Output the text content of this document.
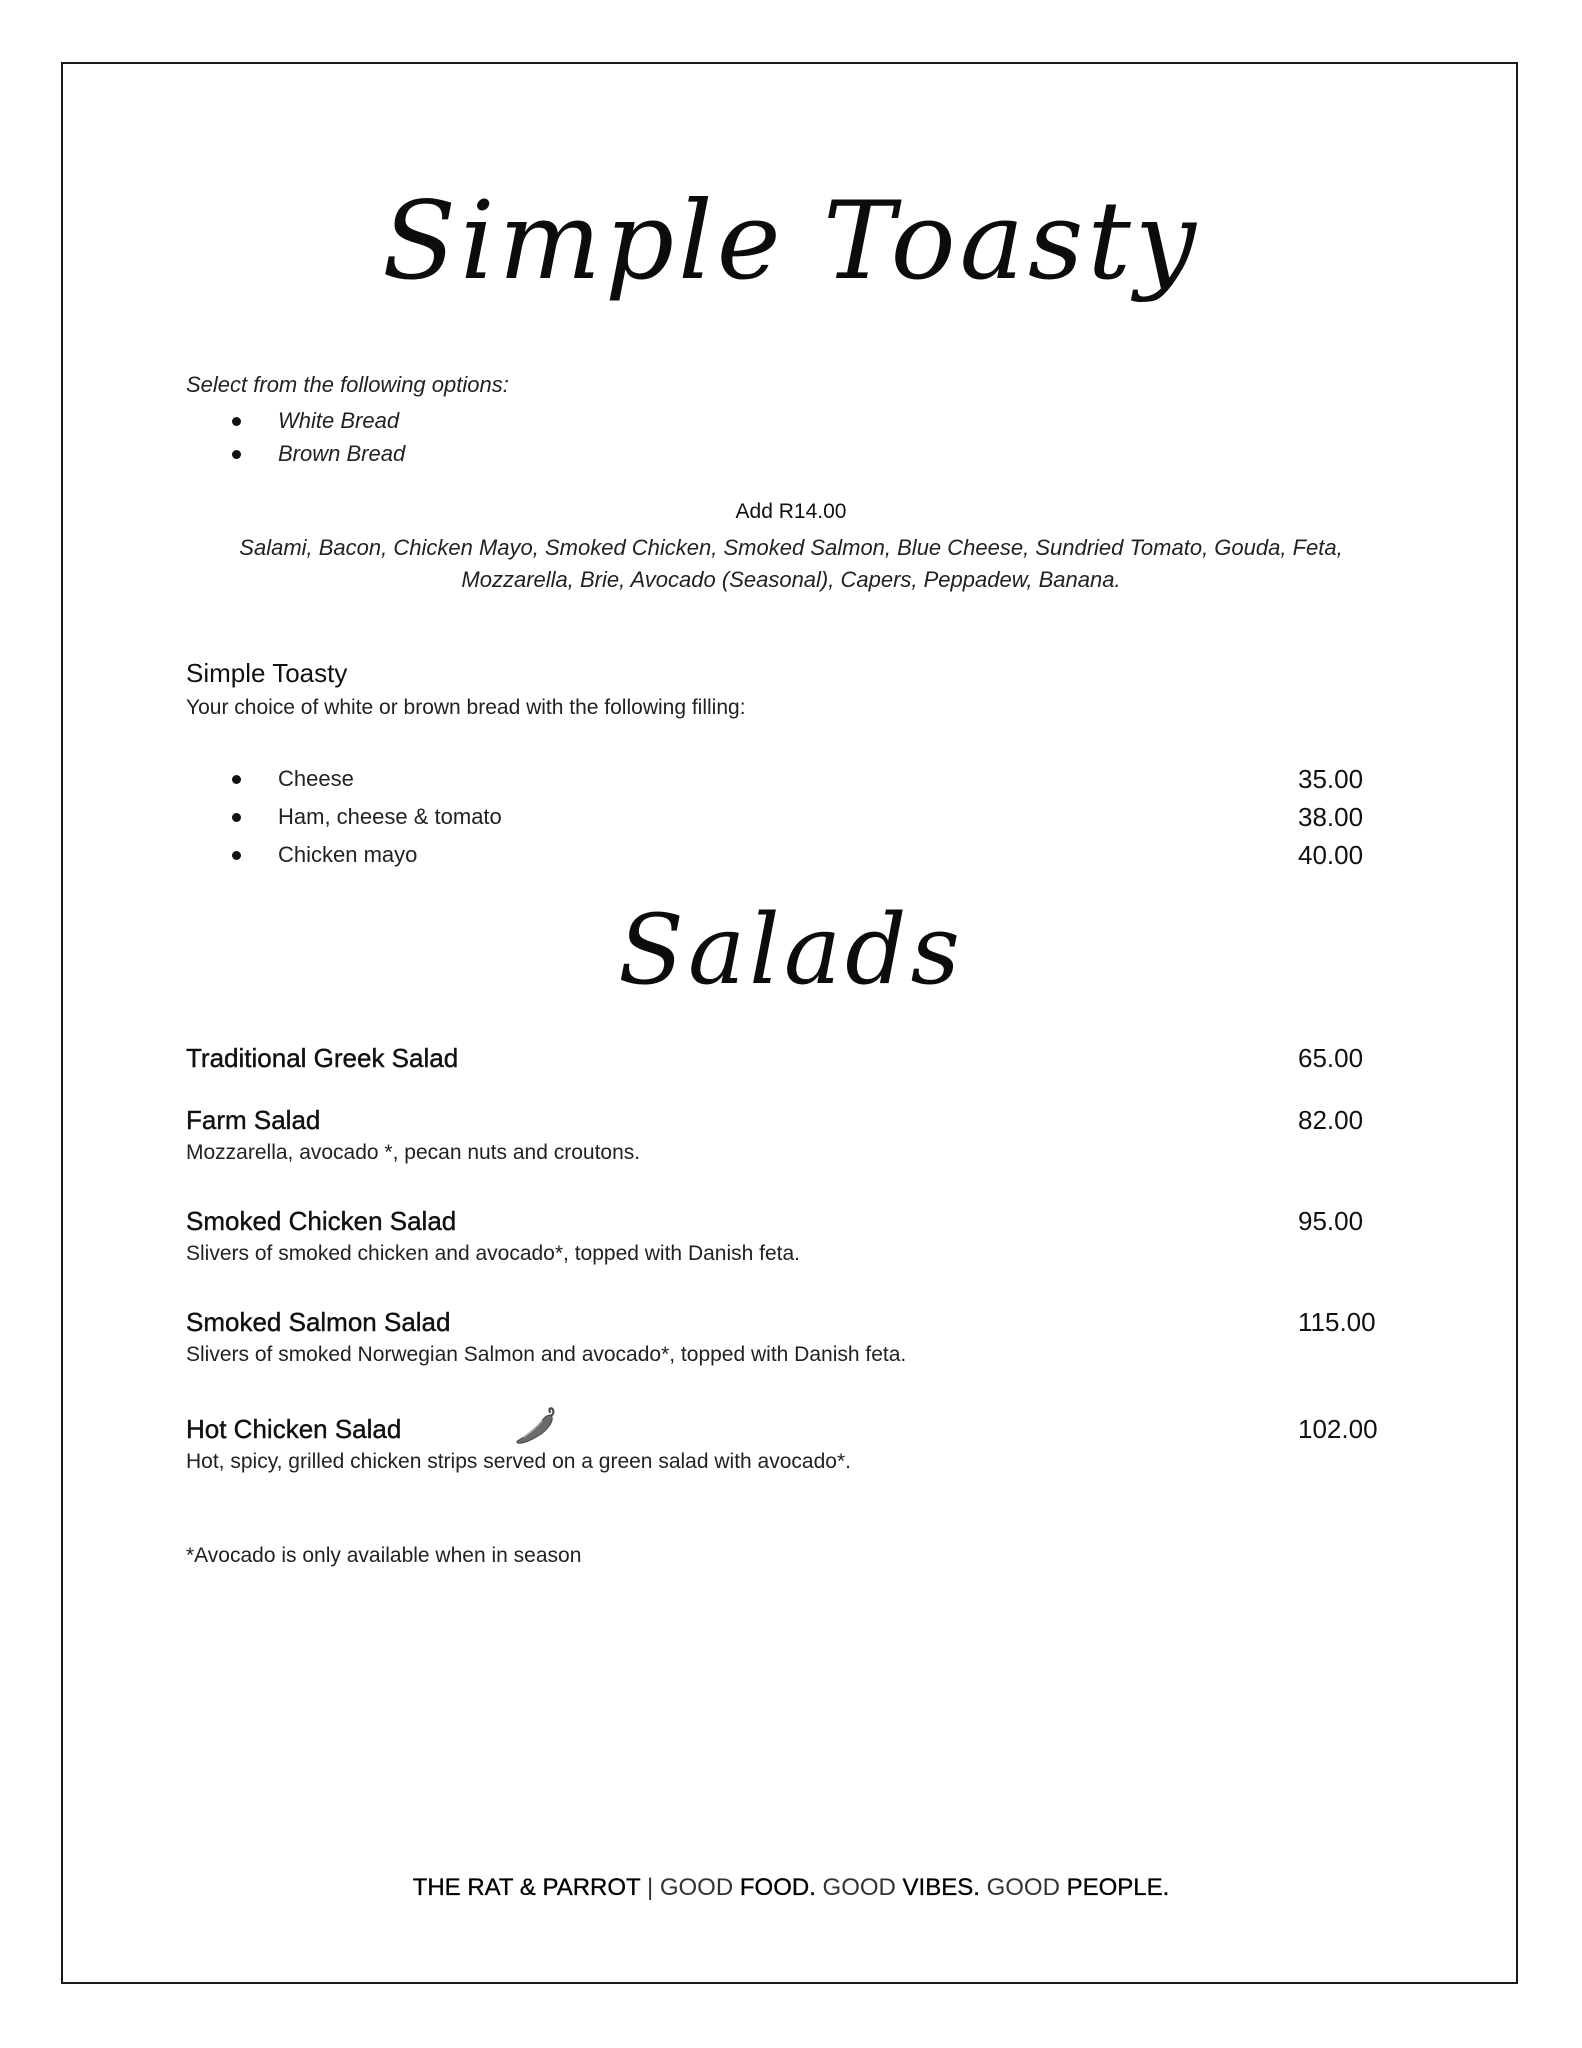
Simple Toasty
Select from the following options:
White Bread
Brown Bread
Add R14.00
Salami, Bacon, Chicken Mayo, Smoked Chicken, Smoked Salmon, Blue Cheese, Sundried Tomato, Gouda, Feta, Mozzarella, Brie, Avocado (Seasonal), Capers, Peppadew, Banana.
Simple Toasty
Your choice of white or brown bread with the following filling:
Cheese	35.00
Ham, cheese & tomato	38.00
Chicken mayo	40.00
Salads
Traditional Greek Salad	65.00
Farm Salad	82.00
Mozzarella, avocado *, pecan nuts and croutons.
Smoked Chicken Salad	95.00
Slivers of smoked chicken and avocado*, topped with Danish feta.
Smoked Salmon Salad	115.00
Slivers of smoked Norwegian Salmon and avocado*, topped with Danish feta.
Hot Chicken Salad	102.00
Hot, spicy, grilled chicken strips served on a green salad with avocado*.
*Avocado is only available when in season
THE RAT & PARROT | GOOD FOOD. GOOD VIBES. GOOD PEOPLE.
